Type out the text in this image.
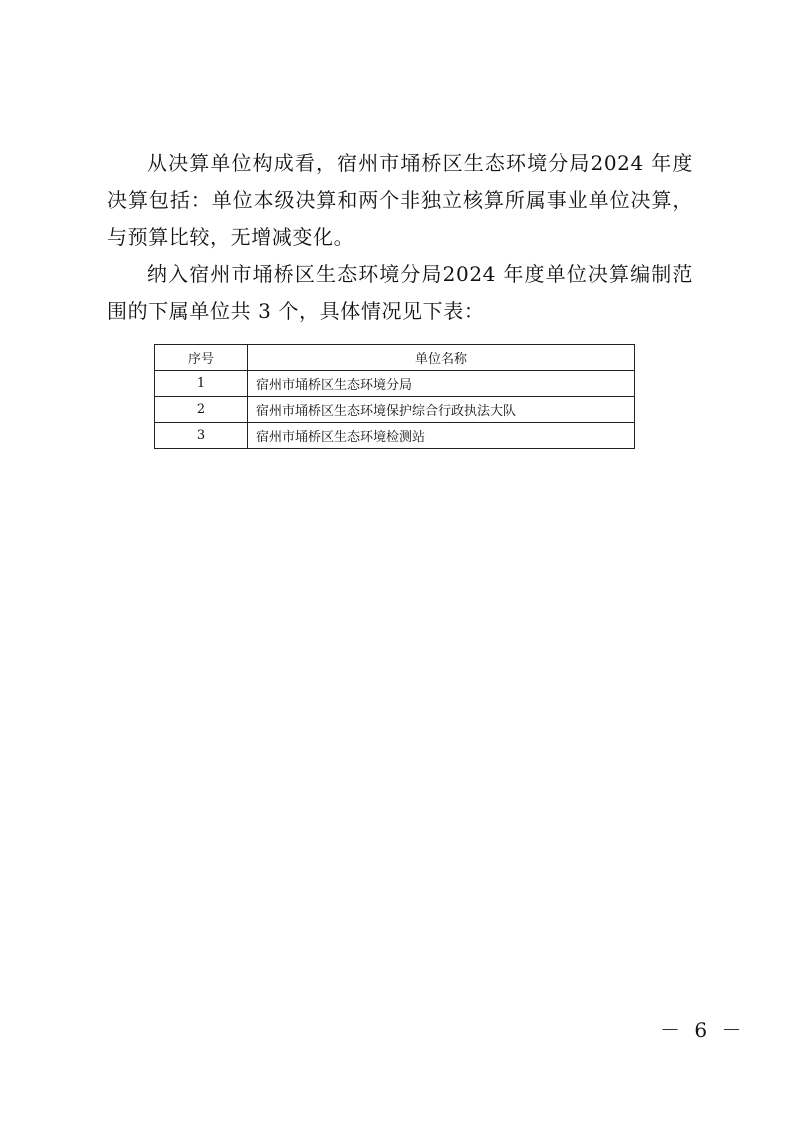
从决算单位构成看，宿州市埇桥区生态环境分局2024 年度决算包括：单位本级决算和两个非独立核算所属事业单位决算，与预算比较，无增减变化。

纳入宿州市埇桥区生态环境分局2024 年度单位决算编制范围的下属单位共 3 个，具体情况见下表：

序号	单位名称
1	宿州市埇桥区生态环境分局
2	宿州市埇桥区生态环境保护综合行政执法大队
3	宿州市埇桥区生态环境检测站
－ 6 －
